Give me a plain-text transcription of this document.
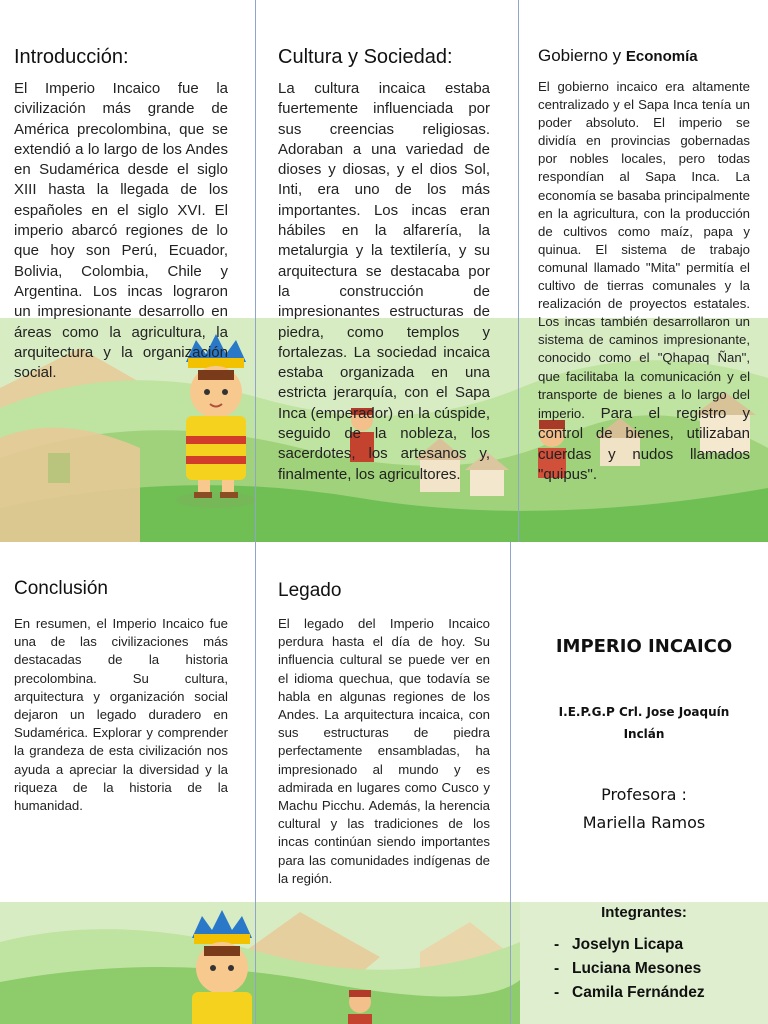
Introducción:

El Imperio Incaico fue la civilización más grande de América precolombina, que se extendió a lo largo de los Andes en Sudamérica desde el siglo XIII hasta la llegada de los españoles en el siglo XVI. El imperio abarcó regiones de lo que hoy son Perú, Ecuador, Bolivia, Colombia, Chile y Argentina. Los incas lograron un impresionante desarrollo en áreas como la agricultura, la arquitectura y la organización social.

Cultura y Sociedad:

La cultura incaica estaba fuertemente influenciada por sus creencias religiosas. Adoraban a una variedad de dioses y diosas, y el dios Sol, Inti, era uno de los más importantes. Los incas eran hábiles en la alfarería, la metalurgia y la textilería, y su arquitectura se destacaba por la construcción de impresionantes estructuras de piedra, como templos y fortalezas. La sociedad incaica estaba organizada en una estricta jerarquía, con el Sapa Inca (emperador) en la cúspide, seguido de la nobleza, los sacerdotes, los artesanos y, finalmente, los agricultores.

Gobierno y Economía

El gobierno incaico era altamente centralizado y el Sapa Inca tenía un poder absoluto. El imperio se dividía en provincias gobernadas por nobles locales, pero todas respondían al Sapa Inca. La economía se basaba principalmente en la agricultura, con la producción de cultivos como maíz, papa y quinua. El sistema de trabajo comunal llamado "Mita" permitía el cultivo de tierras comunales y la realización de proyectos estatales. Los incas también desarrollaron un sistema de caminos impresionante, conocido como el "Qhapaq Ñan", que facilitaba la comunicación y el transporte de bienes a lo largo del imperio. Para el registro y control de bienes, utilizaban cuerdas y nudos llamados "quipus".

Conclusión

En resumen, el Imperio Incaico fue una de las civilizaciones más destacadas de la historia precolombina. Su cultura, arquitectura y organización social dejaron un legado duradero en Sudamérica. Explorar y comprender la grandeza de esta civilización nos ayuda a apreciar la diversidad y la riqueza de la historia de la humanidad.

Legado

El legado del Imperio Incaico perdura hasta el día de hoy. Su influencia cultural se puede ver en el idioma quechua, que todavía se habla en algunas regiones de los Andes. La arquitectura incaica, con sus estructuras de piedra perfectamente ensambladas, ha impresionado al mundo y es admirada en lugares como Cusco y Machu Picchu. Además, la herencia cultural y las tradiciones de los incas continúan siendo importantes para las comunidades indígenas de la región.

IMPERIO INCAICO

I.E.P.G.P Crl. Jose Joaquín Inclán

Profesora :
Mariella Ramos
Integrantes:
- Joselyn Licapa
- Luciana Mesones
- Camila Fernández
